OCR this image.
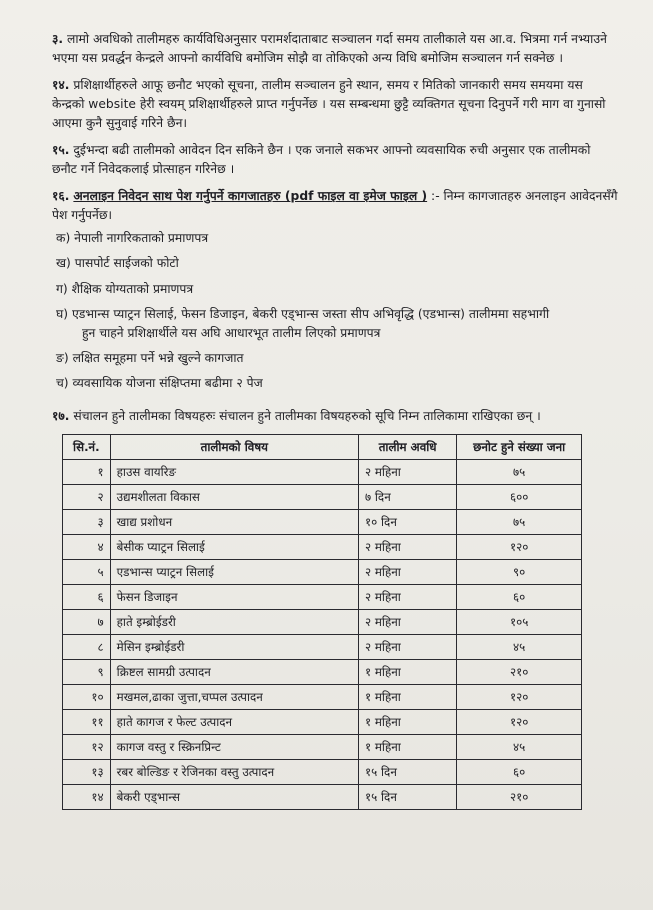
३. लामो अवधिको तालीमहरु कार्यविधिअनुसार परामर्शदाताबाट सञ्चालन गर्दा समय तालीकाले यस आ.व. भित्रमा गर्न नभ्याउने भएमा यस प्रवर्द्धन केन्द्रले आफ्नो कार्यविधि बमोजिम सोझै वा तोकिएको अन्य विधि बमोजिम सञ्चालन गर्न सक्नेछ ।

१४. प्रशिक्षार्थीहरुले आफू छनौट भएको सूचना, तालीम सञ्चालन हुने स्थान, समय र मितिको जानकारी समय समयमा यस केन्द्रको website हेरी स्वयम् प्रशिक्षार्थीहरुले प्राप्त गर्नुपर्नेछ । यस सम्बन्धमा छुट्टै व्यक्तिगत सूचना दिनुपर्ने गरी माग वा गुनासो आएमा कुनै सुनुवाई गरिने छैन।

१५. दुईभन्दा बढी तालीमको आवेदन दिन सकिने छैन । एक जनाले सकभर आफ्नो व्यवसायिक रुची अनुसार एक तालीमको छनौट गर्ने निवेदकलाई प्रोत्साहन गरिनेछ ।

१६. अनलाइन निवेदन साथ पेश गर्नुपर्ने कागजातहरु (pdf फाइल वा इमेज फाइल ) :- निम्न कागजातहरु अनलाइन आवेदनसँगै पेश गर्नुपर्नेछ।

क) नेपाली नागरिकताको प्रमाणपत्र
ख) पासपोर्ट साईजको फोटो
ग) शैक्षिक योग्यताको प्रमाणपत्र
घ) एडभान्स प्याट्रन सिलाई, फेसन डिजाइन, बेकरी एड्भान्स जस्ता सीप अभिवृद्धि (एडभान्स) तालीममा सहभागी
हुन चाहने प्रशिक्षार्थीले यस अघि आधारभूत तालीम लिएको प्रमाणपत्र
ङ) लक्षित समूहमा पर्ने भन्ने खुल्ने कागजात
च) व्यवसायिक योजना संक्षिप्तमा बढीमा २ पेज

१७. संचालन हुने तालीमका विषयहरुः संचालन हुने तालीमका विषयहरुको सूचि निम्न तालिकामा राखिएका छन् ।

सि.नं.	तालीमको विषय	तालीम अवधि	छनोट हुने संख्या जना
१	हाउस वायरिङ	२ महिना	७५
२	उद्यमशीलता विकास	७ दिन	६००
३	खाद्य प्रशोधन	१० दिन	७५
४	बेसीक प्याट्रन सिलाई	२ महिना	१२०
५	एडभान्स प्याट्रन सिलाई	२ महिना	९०
६	फेसन डिजाइन	२ महिना	६०
७	हाते इम्ब्रोईडरी	२ महिना	१०५
८	मेसिन इम्ब्रोईडरी	२ महिना	४५
९	क्रिष्टल सामग्री उत्पादन	१ महिना	२१०
१०	मखमल,ढाका जुत्ता,चप्पल उत्पादन	१ महिना	१२०
११	हाते कागज र फेल्ट उत्पादन	१ महिना	१२०
१२	कागज वस्तु र स्क्रिनप्रिन्ट	१ महिना	४५
१३	रबर बोल्डिङ र रेजिनका वस्तु उत्पादन	१५ दिन	६०
१४	बेकरी एड्भान्स	१५ दिन	२१०
